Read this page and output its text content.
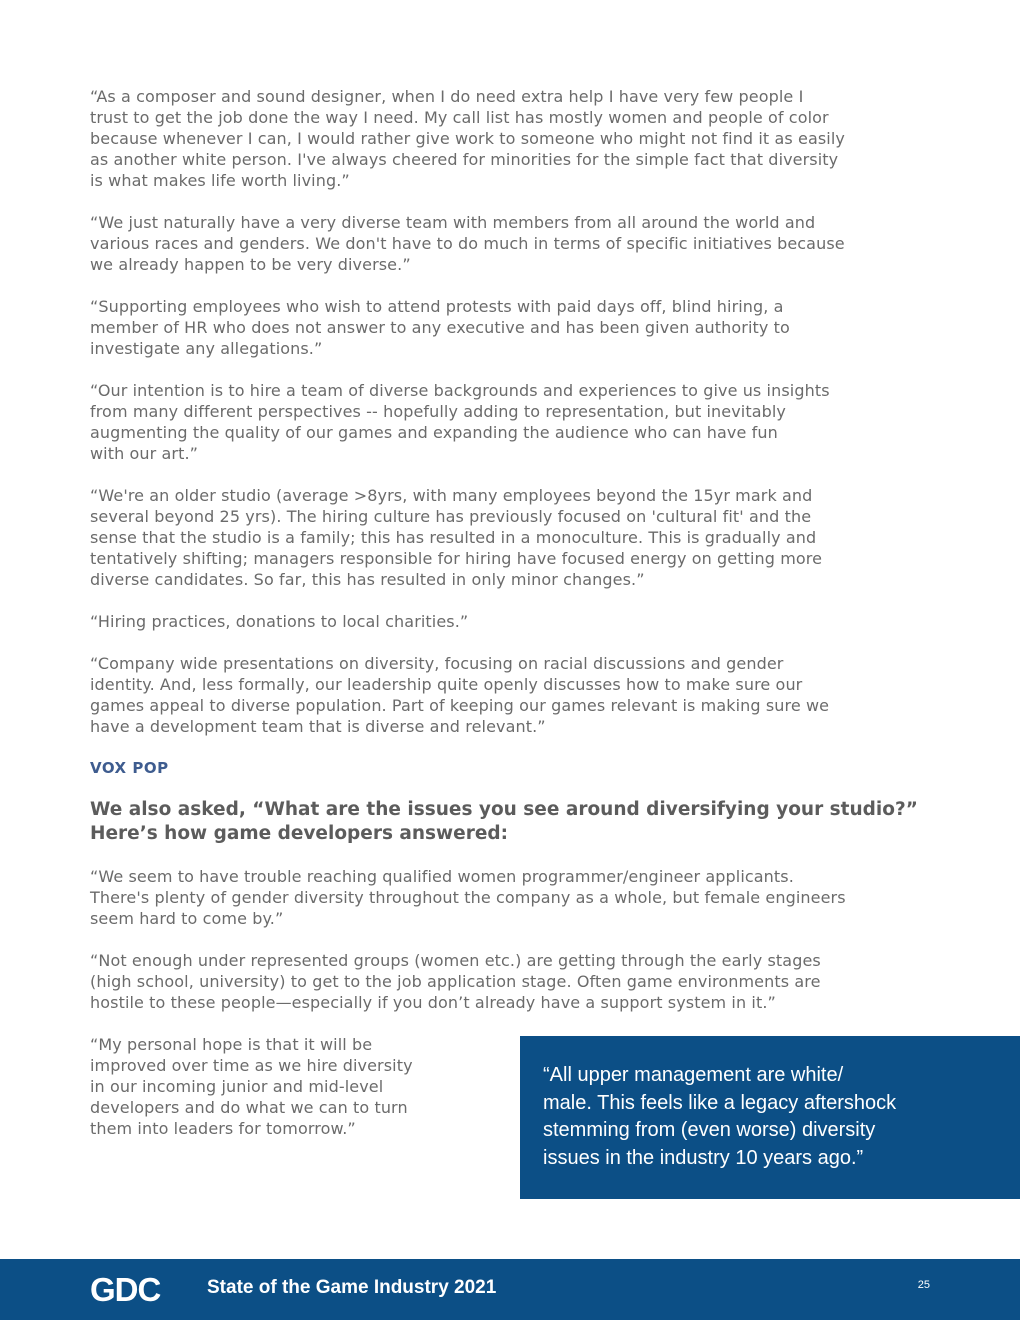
“As a composer and sound designer, when I do need extra help I have very few people I
trust to get the job done the way I need. My call list has mostly women and people of color
because whenever I can, I would rather give work to someone who might not find it as easily
as another white person. I've always cheered for minorities for the simple fact that diversity
is what makes life worth living.”

“We just naturally have a very diverse team with members from all around the world and
various races and genders. We don't have to do much in terms of specific initiatives because
we already happen to be very diverse.”

“Supporting employees who wish to attend protests with paid days off, blind hiring, a
member of HR who does not answer to any executive and has been given authority to
investigate any allegations.”

“Our intention is to hire a team of diverse backgrounds and experiences to give us insights
from many different perspectives -- hopefully adding to representation, but inevitably
augmenting the quality of our games and expanding the audience who can have fun
with our art.”

“We're an older studio (average >8yrs, with many employees beyond the 15yr mark and
several beyond 25 yrs). The hiring culture has previously focused on 'cultural fit' and the
sense that the studio is a family; this has resulted in a monoculture. This is gradually and
tentatively shifting; managers responsible for hiring have focused energy on getting more
diverse candidates. So far, this has resulted in only minor changes.”

“Hiring practices, donations to local charities.”

“Company wide presentations on diversity, focusing on racial discussions and gender
identity. And, less formally, our leadership quite openly discusses how to make sure our
games appeal to diverse population. Part of keeping our games relevant is making sure we
have a development team that is diverse and relevant.”

VOX POP
We also asked, “What are the issues you see around diversifying your studio?”
Here’s how game developers answered:

“We seem to have trouble reaching qualified women programmer/engineer applicants.
There's plenty of gender diversity throughout the company as a whole, but female engineers
seem hard to come by.”

“Not enough under represented groups (women etc.) are getting through the early stages
(high school, university) to get to the job application stage. Often game environments are
hostile to these people—especially if you don’t already have a support system in it.”

“My personal hope is that it will be
improved over time as we hire diversity
in our incoming junior and mid-level
developers and do what we can to turn
them into leaders for tomorrow.”

“All upper management are white/
male. This feels like a legacy aftershock
stemming from (even worse) diversity
issues in the industry 10 years ago.”
GDC State of the Game Industry 2021	25
